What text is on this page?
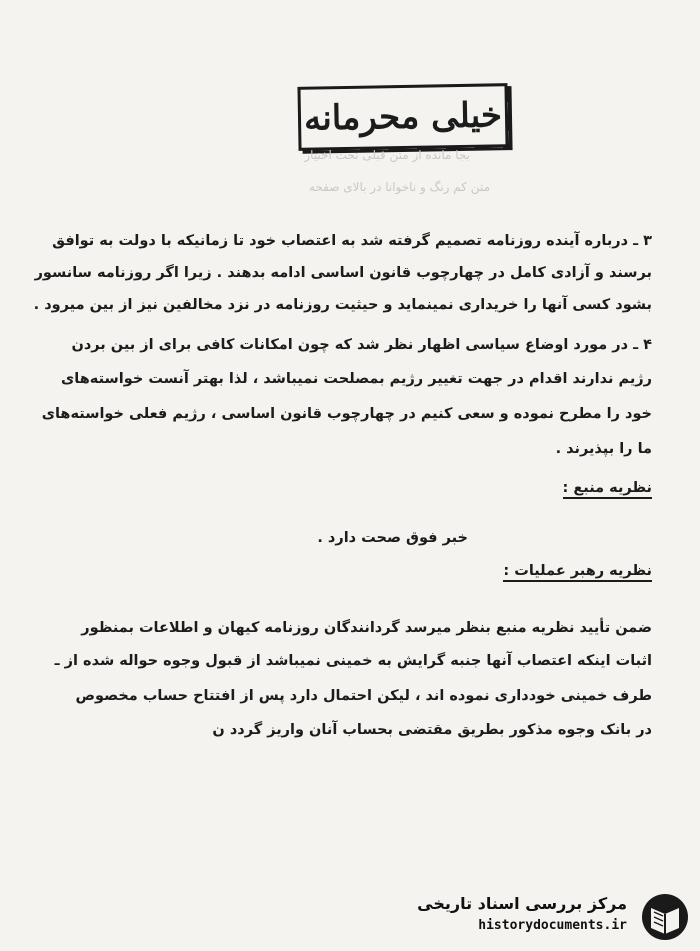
خیلی محرمانه
بجا مانده از متن قبلی تحت اختیار
متن کم رنگ و ناخوانا در بالای صفحه
۳ ـ درباره آینده روزنامه تصمیم گرفته شد به اعتصاب خود تا زمانیکه با دولت به توافق
برسند و آزادی کامل در چهارچوب قانون اساسی ادامه بدهند . زیرا اگر روزنامه سانسور
بشود کسی آنها را خریداری نمینماید و حیثیت روزنامه در نزد مخالفین نیز از بین میرود .
۴ ـ در مورد اوضاع سیاسی اظهار نظر شد که چون امکانات کافی برای از بین بردن
رژیم ندارند اقدام در جهت تغییر رژیم بمصلحت نمیباشد ، لذا بهتر آنست خواسته‌های
خود را مطرح نموده و سعی کنیم در چهارچوب قانون اساسی ، رژیم فعلی خواسته‌های
ما را بپذیرند .
نظریه منبع :
خبر فوق صحت دارد .
نظریه رهبر عملیات :
ضمن تأیید نظریه منبع بنظر میرسد گردانندگان روزنامه کیهان و اطلاعات بمنظور
اثبات اینکه اعتصاب آنها جنبه گرایش به خمینی نمیباشد از قبول وجوه حواله شده از ـ
طرف خمینی خودداری نموده اند ، لیکن احتمال دارد پس از افتتاح حساب مخصوص
در بانک وجوه مذکور بطریق مقتضی بحساب آنان واریز گردد ن
مرکز بررسی اسناد تاریخی
historydocuments.ir
